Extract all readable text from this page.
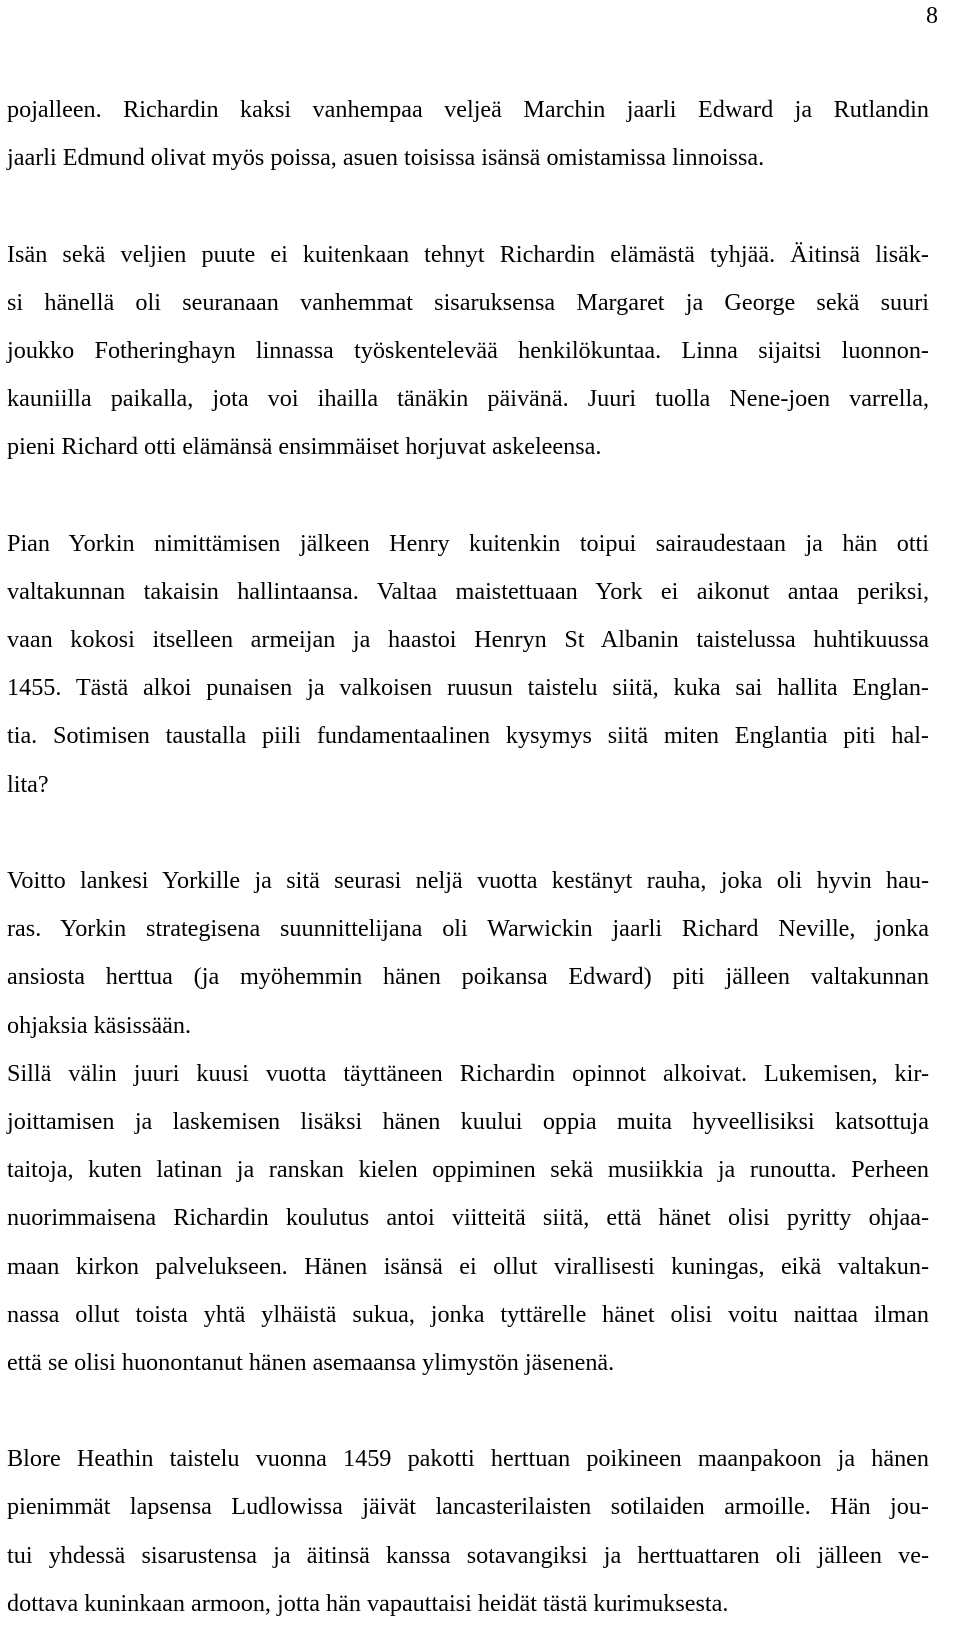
8
pojalleen. Richardin kaksi vanhempaa veljeä Marchin jaarli Edward ja Rutlandin
jaarli Edmund olivat myös poissa, asuen toisissa isänsä omistamissa linnoissa.
Isän sekä veljien puute ei kuitenkaan tehnyt Richardin elämästä tyhjää. Äitinsä lisäk-
si hänellä oli seuranaan vanhemmat sisaruksensa Margaret ja George sekä suuri
joukko Fotheringhayn linnassa työskentelevää henkilökuntaa. Linna sijaitsi luonnon-
kauniilla paikalla, jota voi ihailla tänäkin päivänä. Juuri tuolla Nene-joen varrella,
pieni Richard otti elämänsä ensimmäiset horjuvat askeleensa.
Pian Yorkin nimittämisen jälkeen Henry kuitenkin toipui sairaudestaan ja hän otti
valtakunnan takaisin hallintaansa. Valtaa maistettuaan York ei aikonut antaa periksi,
vaan kokosi itselleen armeijan ja haastoi Henryn St Albanin taistelussa huhtikuussa
1455. Tästä alkoi punaisen ja valkoisen ruusun taistelu siitä, kuka sai hallita Englan-
tia. Sotimisen taustalla piili fundamentaalinen kysymys siitä miten Englantia piti hal-
lita?
Voitto lankesi Yorkille ja sitä seurasi neljä vuotta kestänyt rauha, joka oli hyvin hau-
ras. Yorkin strategisena suunnittelijana oli Warwickin jaarli Richard Neville, jonka
ansiosta herttua (ja myöhemmin hänen poikansa Edward) piti jälleen valtakunnan
ohjaksia käsissään.
Sillä välin juuri kuusi vuotta täyttäneen Richardin opinnot alkoivat. Lukemisen, kir-
joittamisen ja laskemisen lisäksi hänen kuului oppia muita hyveellisiksi katsottuja
taitoja, kuten latinan ja ranskan kielen oppiminen sekä musiikkia ja runoutta. Perheen
nuorimmaisena Richardin koulutus antoi viitteitä siitä, että hänet olisi pyritty ohjaa-
maan kirkon palvelukseen. Hänen isänsä ei ollut virallisesti kuningas, eikä valtakun-
nassa ollut toista yhtä ylhäistä sukua, jonka tyttärelle hänet olisi voitu naittaa ilman
että se olisi huonontanut hänen asemaansa ylimystön jäsenenä.
Blore Heathin taistelu vuonna 1459 pakotti herttuan poikineen maanpakoon ja hänen
pienimmät lapsensa Ludlowissa jäivät lancasterilaisten sotilaiden armoille. Hän jou-
tui yhdessä sisarustensa ja äitinsä kanssa sotavangiksi ja herttuattaren oli jälleen ve-
dottava kuninkaan armoon, jotta hän vapauttaisi heidät tästä kurimuksesta.
